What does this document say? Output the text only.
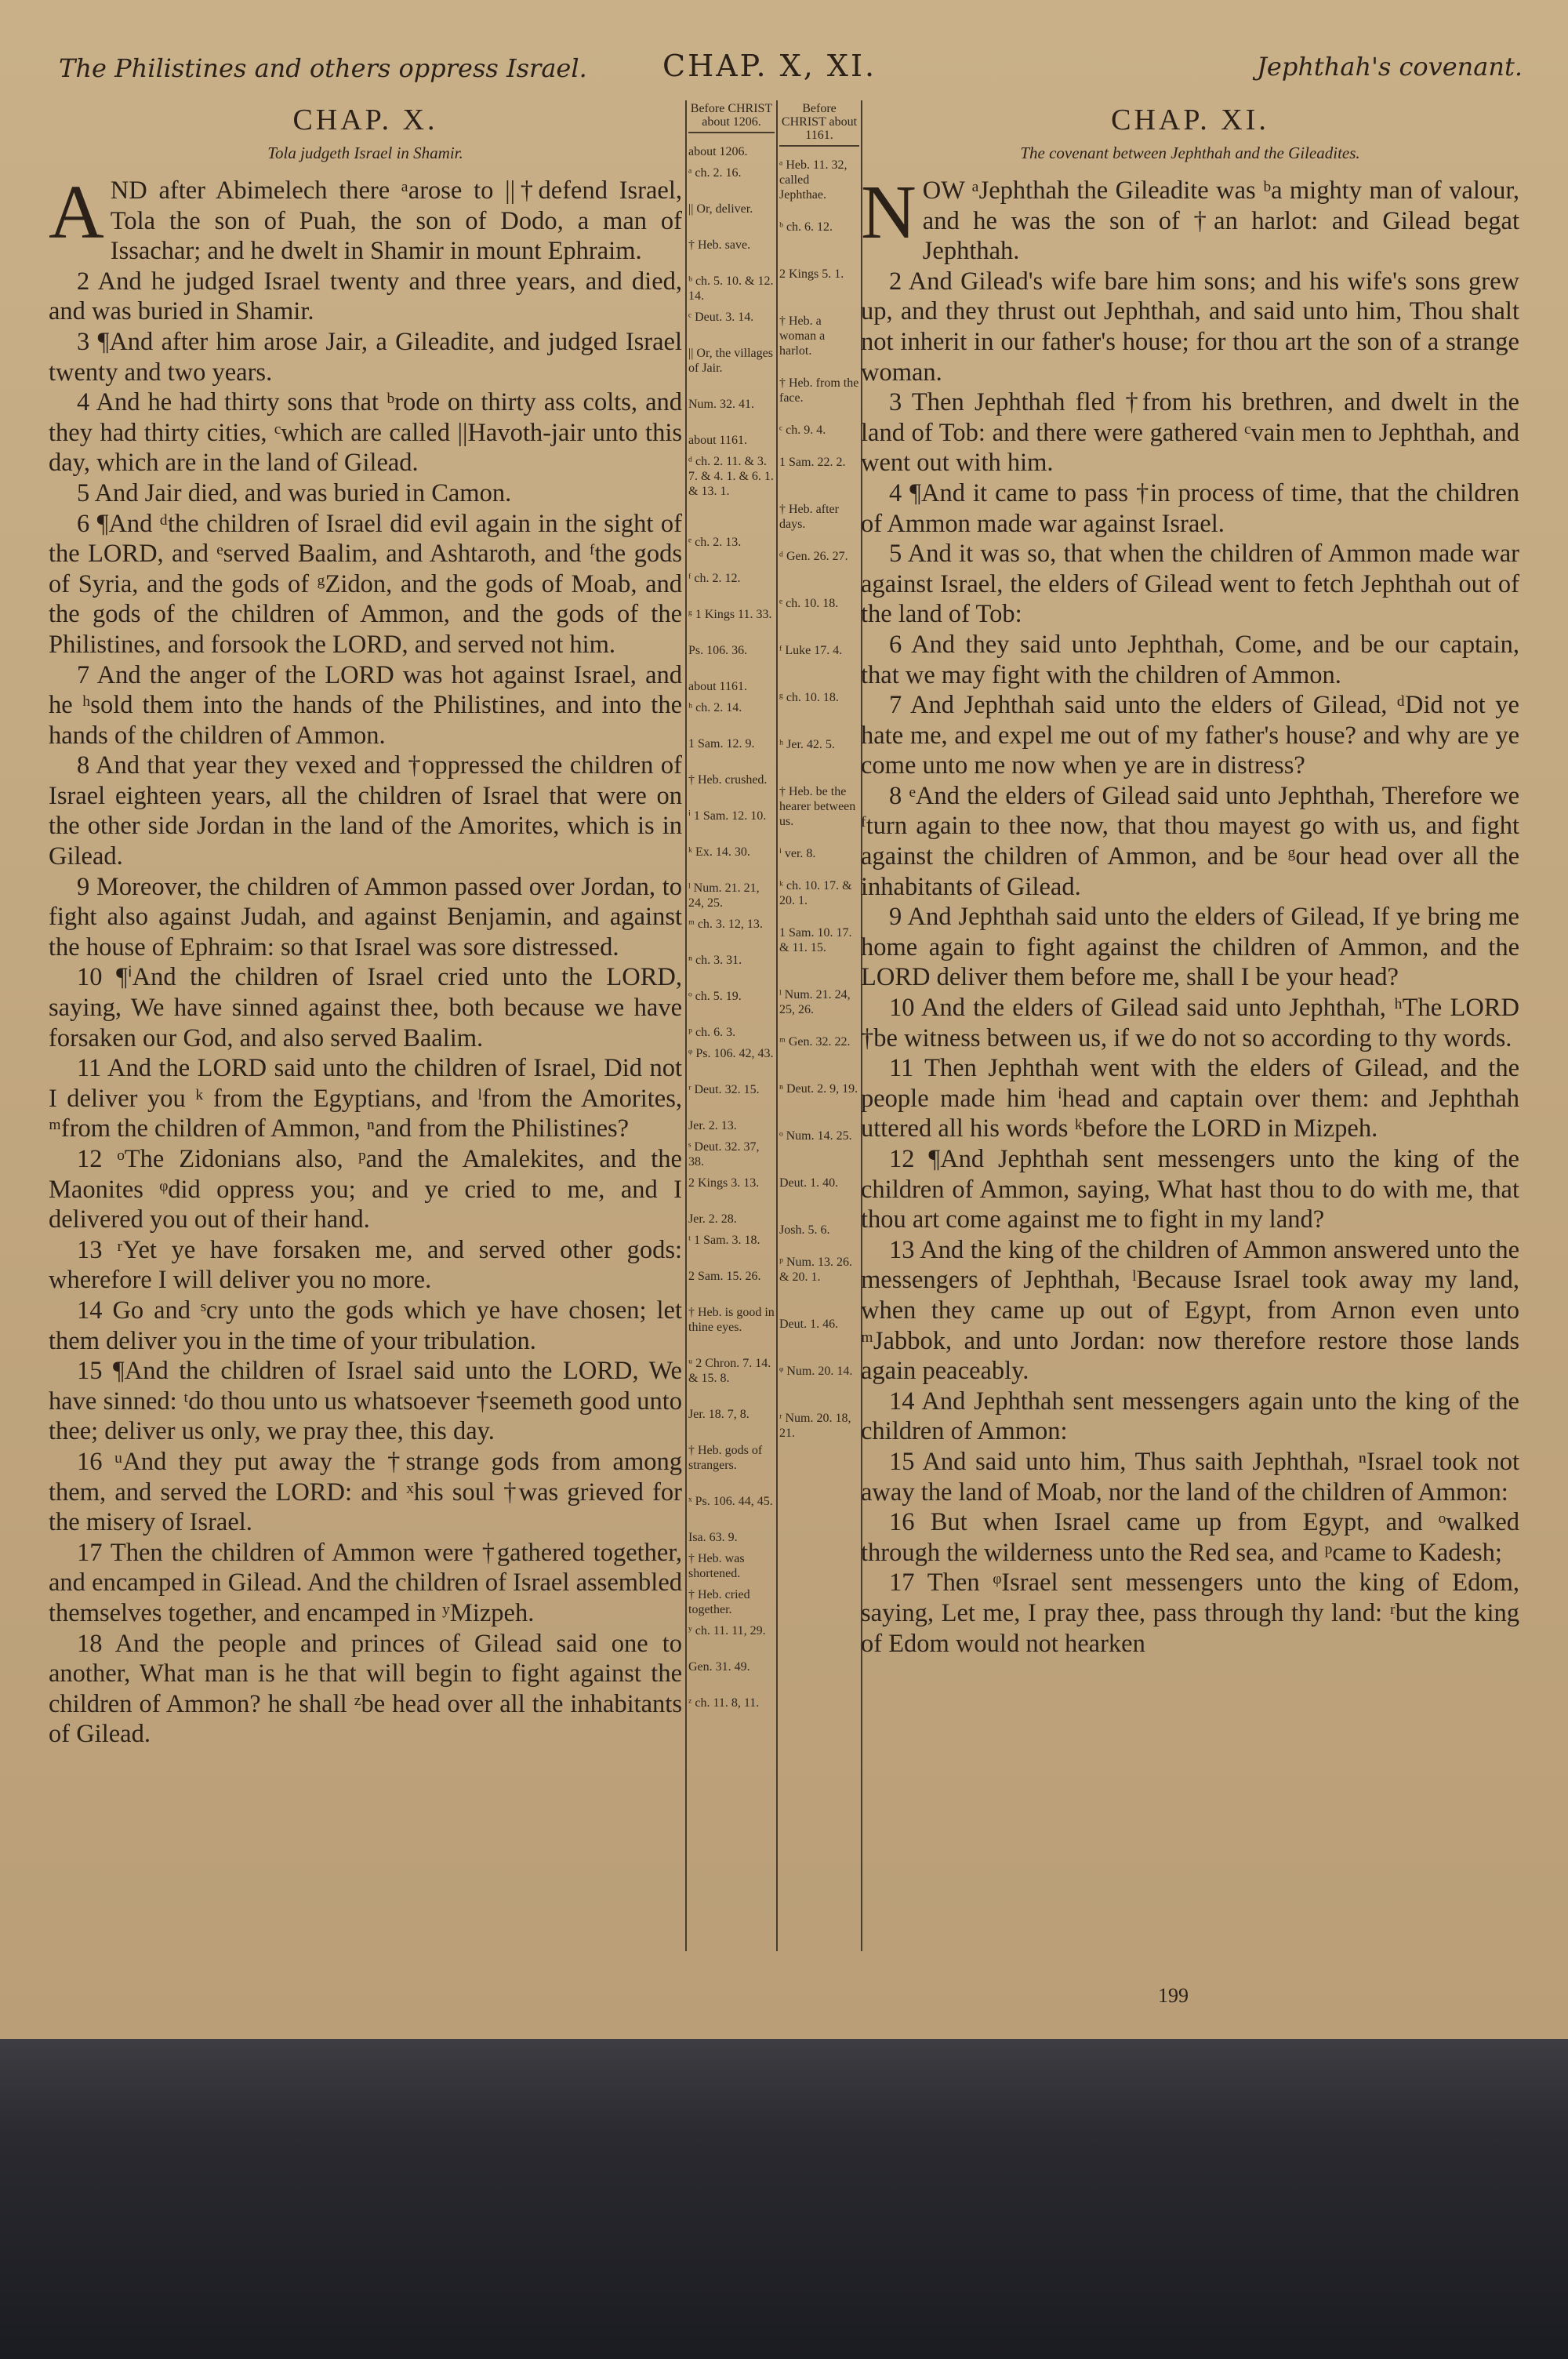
The Philistines and others oppress Israel.	CHAP. X, XI.	Jephthah's covenant.

CHAP. X.

Tola judgeth Israel in Shamir.

AND after Abimelech there ᵃarose to ||†defend Israel, Tola the son of Puah, the son of Dodo, a man of Issachar; and he dwelt in Shamir in mount Ephraim.

2 And he judged Israel twenty and three years, and died, and was buried in Shamir.

3 ¶And after him arose Jair, a Gileadite, and judged Israel twenty and two years.

4 And he had thirty sons that ᵇrode on thirty ass colts, and they had thirty cities, ᶜwhich are called ||Havoth-jair unto this day, which are in the land of Gilead.

5 And Jair died, and was buried in Camon.

6 ¶And ᵈthe children of Israel did evil again in the sight of the LORD, and ᵉserved Baalim, and Ashtaroth, and ᶠthe gods of Syria, and the gods of ᵍZidon, and the gods of Moab, and the gods of the children of Ammon, and the gods of the Philistines, and forsook the LORD, and served not him.

7 And the anger of the LORD was hot against Israel, and he ʰsold them into the hands of the Philistines, and into the hands of the children of Ammon.

8 And that year they vexed and †oppressed the children of Israel eighteen years, all the children of Israel that were on the other side Jordan in the land of the Amorites, which is in Gilead.

9 Moreover, the children of Ammon passed over Jordan, to fight also against Judah, and against Benjamin, and against the house of Ephraim: so that Israel was sore distressed.

10 ¶ⁱAnd the children of Israel cried unto the LORD, saying, We have sinned against thee, both because we have forsaken our God, and also served Baalim.

11 And the LORD said unto the children of Israel, Did not I deliver you ᵏ from the Egyptians, and ˡfrom the Amorites, ᵐfrom the children of Ammon, ⁿand from the Philistines?

12 ᵒThe Zidonians also, ᵖand the Amalekites, and the Maonites ᵠdid oppress you; and ye cried to me, and I delivered you out of their hand.

13 ʳYet ye have forsaken me, and served other gods: wherefore I will deliver you no more.

14 Go and ˢcry unto the gods which ye have chosen; let them deliver you in the time of your tribulation.

15 ¶And the children of Israel said unto the LORD, We have sinned: ᵗdo thou unto us whatsoever †seemeth good unto thee; deliver us only, we pray thee, this day.

16 ᵘAnd they put away the †strange gods from among them, and served the LORD: and ˣhis soul †was grieved for the misery of Israel.

17 Then the children of Ammon were †gathered together, and encamped in Gilead. And the children of Israel assembled themselves together, and encamped in ʸMizpeh.

18 And the people and princes of Gilead said one to another, What man is he that will begin to fight against the children of Ammon? he shall ᶻbe head over all the inhabitants of Gilead.

Before CHRIST about 1206.

about 1206.

ᵃ ch. 2. 16.

|| Or, deliver.

† Heb. save.

ᵇ ch. 5. 10. & 12. 14.

ᶜ Deut. 3. 14.

|| Or, the villages of Jair.

Num. 32. 41.

about 1161.

ᵈ ch. 2. 11. & 3. 7. & 4. 1. & 6. 1. & 13. 1.

ᵉ ch. 2. 13.

ᶠ ch. 2. 12.

ᵍ 1 Kings 11. 33.

Ps. 106. 36.

about 1161.

ʰ ch. 2. 14.

1 Sam. 12. 9.

† Heb. crushed.

ⁱ 1 Sam. 12. 10.

ᵏ Ex. 14. 30.

ˡ Num. 21. 21, 24, 25.

ᵐ ch. 3. 12, 13.

ⁿ ch. 3. 31.

ᵒ ch. 5. 19.

ᵖ ch. 6. 3.

ᵠ Ps. 106. 42, 43.

ʳ Deut. 32. 15.

Jer. 2. 13.

ˢ Deut. 32. 37, 38.

2 Kings 3. 13.

Jer. 2. 28.

ᵗ 1 Sam. 3. 18.

2 Sam. 15. 26.

† Heb. is good in thine eyes.

ᵘ 2 Chron. 7. 14. & 15. 8.

Jer. 18. 7, 8.

† Heb. gods of strangers.

ˣ Ps. 106. 44, 45.

Isa. 63. 9.

† Heb. was shortened.

† Heb. cried together.

ʸ ch. 11. 11, 29.

Gen. 31. 49.

ᶻ ch. 11. 8, 11.

Before CHRIST about 1161.

ᵃ Heb. 11. 32, called Jephthae.

ᵇ ch. 6. 12.

2 Kings 5. 1.

† Heb. a woman a harlot.

† Heb. from the face.

ᶜ ch. 9. 4.

1 Sam. 22. 2.

† Heb. after days.

ᵈ Gen. 26. 27.

ᵉ ch. 10. 18.

ᶠ Luke 17. 4.

ᵍ ch. 10. 18.

ʰ Jer. 42. 5.

† Heb. be the hearer between us.

ⁱ ver. 8.

ᵏ ch. 10. 17. & 20. 1.

1 Sam. 10. 17. & 11. 15.

ˡ Num. 21. 24, 25, 26.

ᵐ Gen. 32. 22.

ⁿ Deut. 2. 9, 19.

ᵒ Num. 14. 25.

Deut. 1. 40.

Josh. 5. 6.

ᵖ Num. 13. 26. & 20. 1.

Deut. 1. 46.

ᵠ Num. 20. 14.

ʳ Num. 20. 18, 21.

CHAP. XI.

The covenant between Jephthah and the Gileadites.

NOW ᵃJephthah the Gileadite was ᵇa mighty man of valour, and he was the son of †an harlot: and Gilead begat Jephthah.

2 And Gilead's wife bare him sons; and his wife's sons grew up, and they thrust out Jephthah, and said unto him, Thou shalt not inherit in our father's house; for thou art the son of a strange woman.

3 Then Jephthah fled †from his brethren, and dwelt in the land of Tob: and there were gathered ᶜvain men to Jephthah, and went out with him.

4 ¶And it came to pass †in process of time, that the children of Ammon made war against Israel.

5 And it was so, that when the children of Ammon made war against Israel, the elders of Gilead went to fetch Jephthah out of the land of Tob:

6 And they said unto Jephthah, Come, and be our captain, that we may fight with the children of Ammon.

7 And Jephthah said unto the elders of Gilead, ᵈDid not ye hate me, and expel me out of my father's house? and why are ye come unto me now when ye are in distress?

8 ᵉAnd the elders of Gilead said unto Jephthah, Therefore we ᶠturn again to thee now, that thou mayest go with us, and fight against the children of Ammon, and be ᵍour head over all the inhabitants of Gilead.

9 And Jephthah said unto the elders of Gilead, If ye bring me home again to fight against the children of Ammon, and the LORD deliver them before me, shall I be your head?

10 And the elders of Gilead said unto Jephthah, ʰThe LORD †be witness between us, if we do not so according to thy words.

11 Then Jephthah went with the elders of Gilead, and the people made him ⁱhead and captain over them: and Jephthah uttered all his words ᵏbefore the LORD in Mizpeh.

12 ¶And Jephthah sent messengers unto the king of the children of Ammon, saying, What hast thou to do with me, that thou art come against me to fight in my land?

13 And the king of the children of Ammon answered unto the messengers of Jephthah, ˡBecause Israel took away my land, when they came up out of Egypt, from Arnon even unto ᵐJabbok, and unto Jordan: now therefore restore those lands again peaceably.

14 And Jephthah sent messengers again unto the king of the children of Ammon:

15 And said unto him, Thus saith Jephthah, ⁿIsrael took not away the land of Moab, nor the land of the children of Ammon:

16 But when Israel came up from Egypt, and ᵒwalked through the wilderness unto the Red sea, and ᵖcame to Kadesh;

17 Then ᵠIsrael sent messengers unto the king of Edom, saying, Let me, I pray thee, pass through thy land: ʳbut the king of Edom would not hearken

199
